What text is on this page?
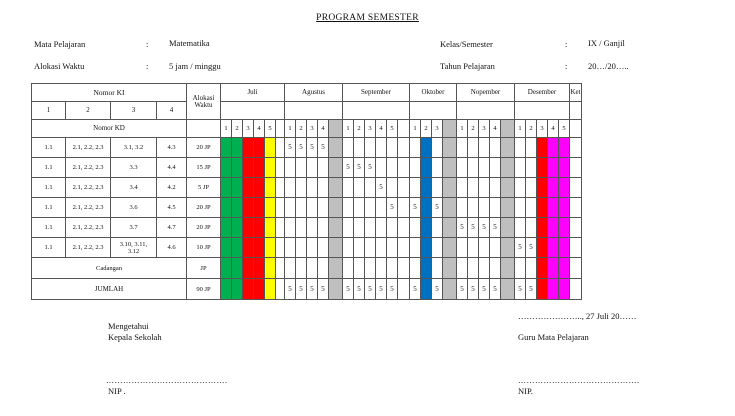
PROGRAM SEMESTER
Mata Pelajaran	: Matematika
Alokasi Waktu	: 5 jam / minggu
Kelas/Semester	: IX / Ganjil
Tahun Pelajaran	: 20…/20…..
Nomor KI				Alokasi Waktu	Juli						Agustus					September						Oktober				Nopember					Desember					Ket
1	2	3	4																																	
Nomor KD					1	2	3	4	5		1	2	3	4		1	2	3	4	5		1	2	3		1	2	3	4		1	2	3	4	5	
1.1	2.1, 2.2, 2.3	3.1, 3.2	4.3	20 JP							5	5	5	5																						
1.1	2.1, 2.2, 2.3	3.3	4.4	15 JP												5	5	5																		
1.1	2.1, 2.2, 2.3	3.4	4.2	5 JP															5																	
1.1	2.1, 2.2, 2.3	3.6	4.5	20 JP																5		5		5												
1.1	2.1, 2.2, 2.3	3.7	4.7	20 JP																						5	5	5	5							
1.1	2.1, 2.2, 2.3	3.10, 3.11, 3.12	4.6	10 JP																											5	5				
Cadangan				JP																																
JUMLAH				90 JP							5	5	5	5		5	5	5	5	5		5		5		5	5	5	5		5	5				
………………….., 27 Juli 20……
Mengetahui
Kepala Sekolah	Guru Mata Pelajaran
…………………………………….	…………………………………….
NIP .	NIP.
